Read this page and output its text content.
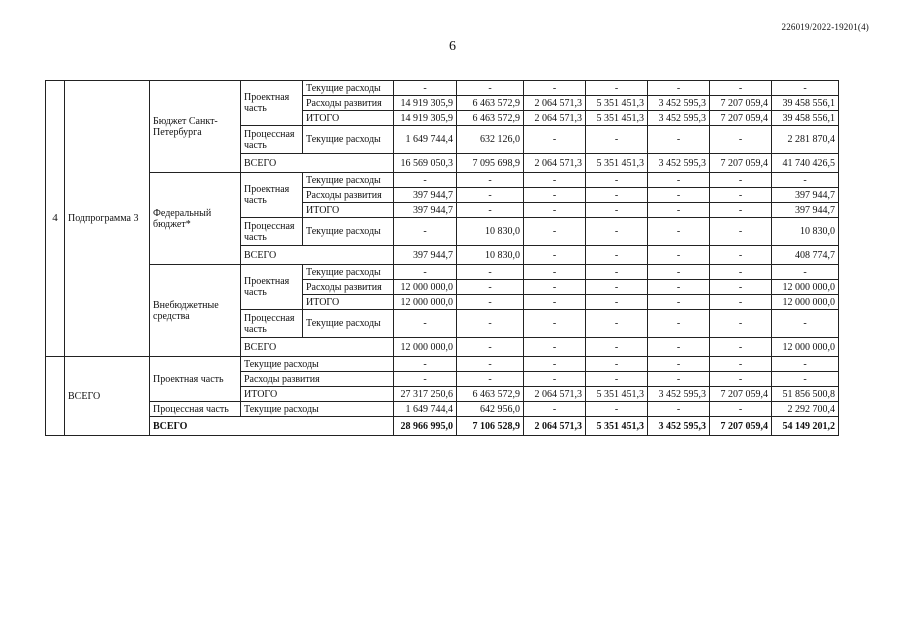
226019/2022-19201(4)
6
4	Подпрограмма 3	Бюджет Санкт-Петербурга	Проектная часть	Текущие расходы	-	-	-	-	-	-	-
				Расходы развития	14 919 305,9	6 463 572,9	2 064 571,3	5 351 451,3	3 452 595,3	7 207 059,4	39 458 556,1
				ИТОГО	14 919 305,9	6 463 572,9	2 064 571,3	5 351 451,3	3 452 595,3	7 207 059,4	39 458 556,1
			Процессная часть	Текущие расходы	1 649 744,4	632 126,0	-	-	-	-	2 281 870,4
			ВСЕГО		16 569 050,3	7 095 698,9	2 064 571,3	5 351 451,3	3 452 595,3	7 207 059,4	41 740 426,5
		Федеральный бюджет*	Проектная часть	Текущие расходы	-	-	-	-	-	-	-
				Расходы развития	397 944,7	-	-	-	-	-	397 944,7
				ИТОГО	397 944,7	-	-	-	-	-	397 944,7
			Процессная часть	Текущие расходы	-	10 830,0	-	-	-	-	10 830,0
			ВСЕГО		397 944,7	10 830,0	-	-	-	-	408 774,7
		Внебюджетные средства	Проектная часть	Текущие расходы	-	-	-	-	-	-	-
				Расходы развития	12 000 000,0	-	-	-	-	-	12 000 000,0
				ИТОГО	12 000 000,0	-	-	-	-	-	12 000 000,0
			Процессная часть	Текущие расходы	-	-	-	-	-	-	-
			ВСЕГО		12 000 000,0	-	-	-	-	-	12 000 000,0
	ВСЕГО	Проектная часть	Текущие расходы		-	-	-	-	-	-	-
			Расходы развития		-	-	-	-	-	-	-
			ИТОГО		27 317 250,6	6 463 572,9	2 064 571,3	5 351 451,3	3 452 595,3	7 207 059,4	51 856 500,8
		Процессная часть	Текущие расходы		1 649 744,4	642 956,0	-	-	-	-	2 292 700,4
		ВСЕГО			28 966 995,0	7 106 528,9	2 064 571,3	5 351 451,3	3 452 595,3	7 207 059,4	54 149 201,2
